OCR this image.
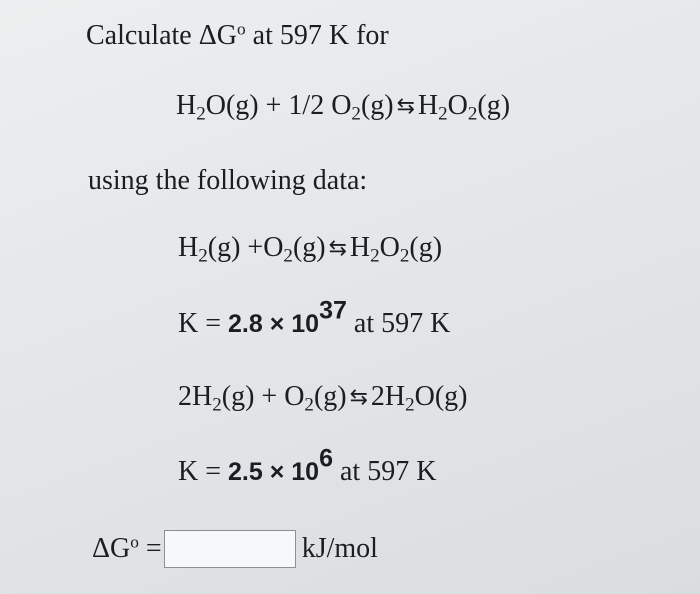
Calculate $\Delta G^o$ at 597 K for
$H_2O(g) + 1/2$ $O_2(g)$ ⇆ $H_2O_2(g)$
using the following data:
$H_2(g) +O_2(g)$ ⇆ $H_2O_2(g)$
$K = 2.8 \times 10^{37}$ at 597 K
$2H_2(g) + O_2(g)$ ⇆ $2H_2O(g)$
$K = 2.5 \times 10^6$ at 597 K
$\Delta G^o$ =	kJ/mol
